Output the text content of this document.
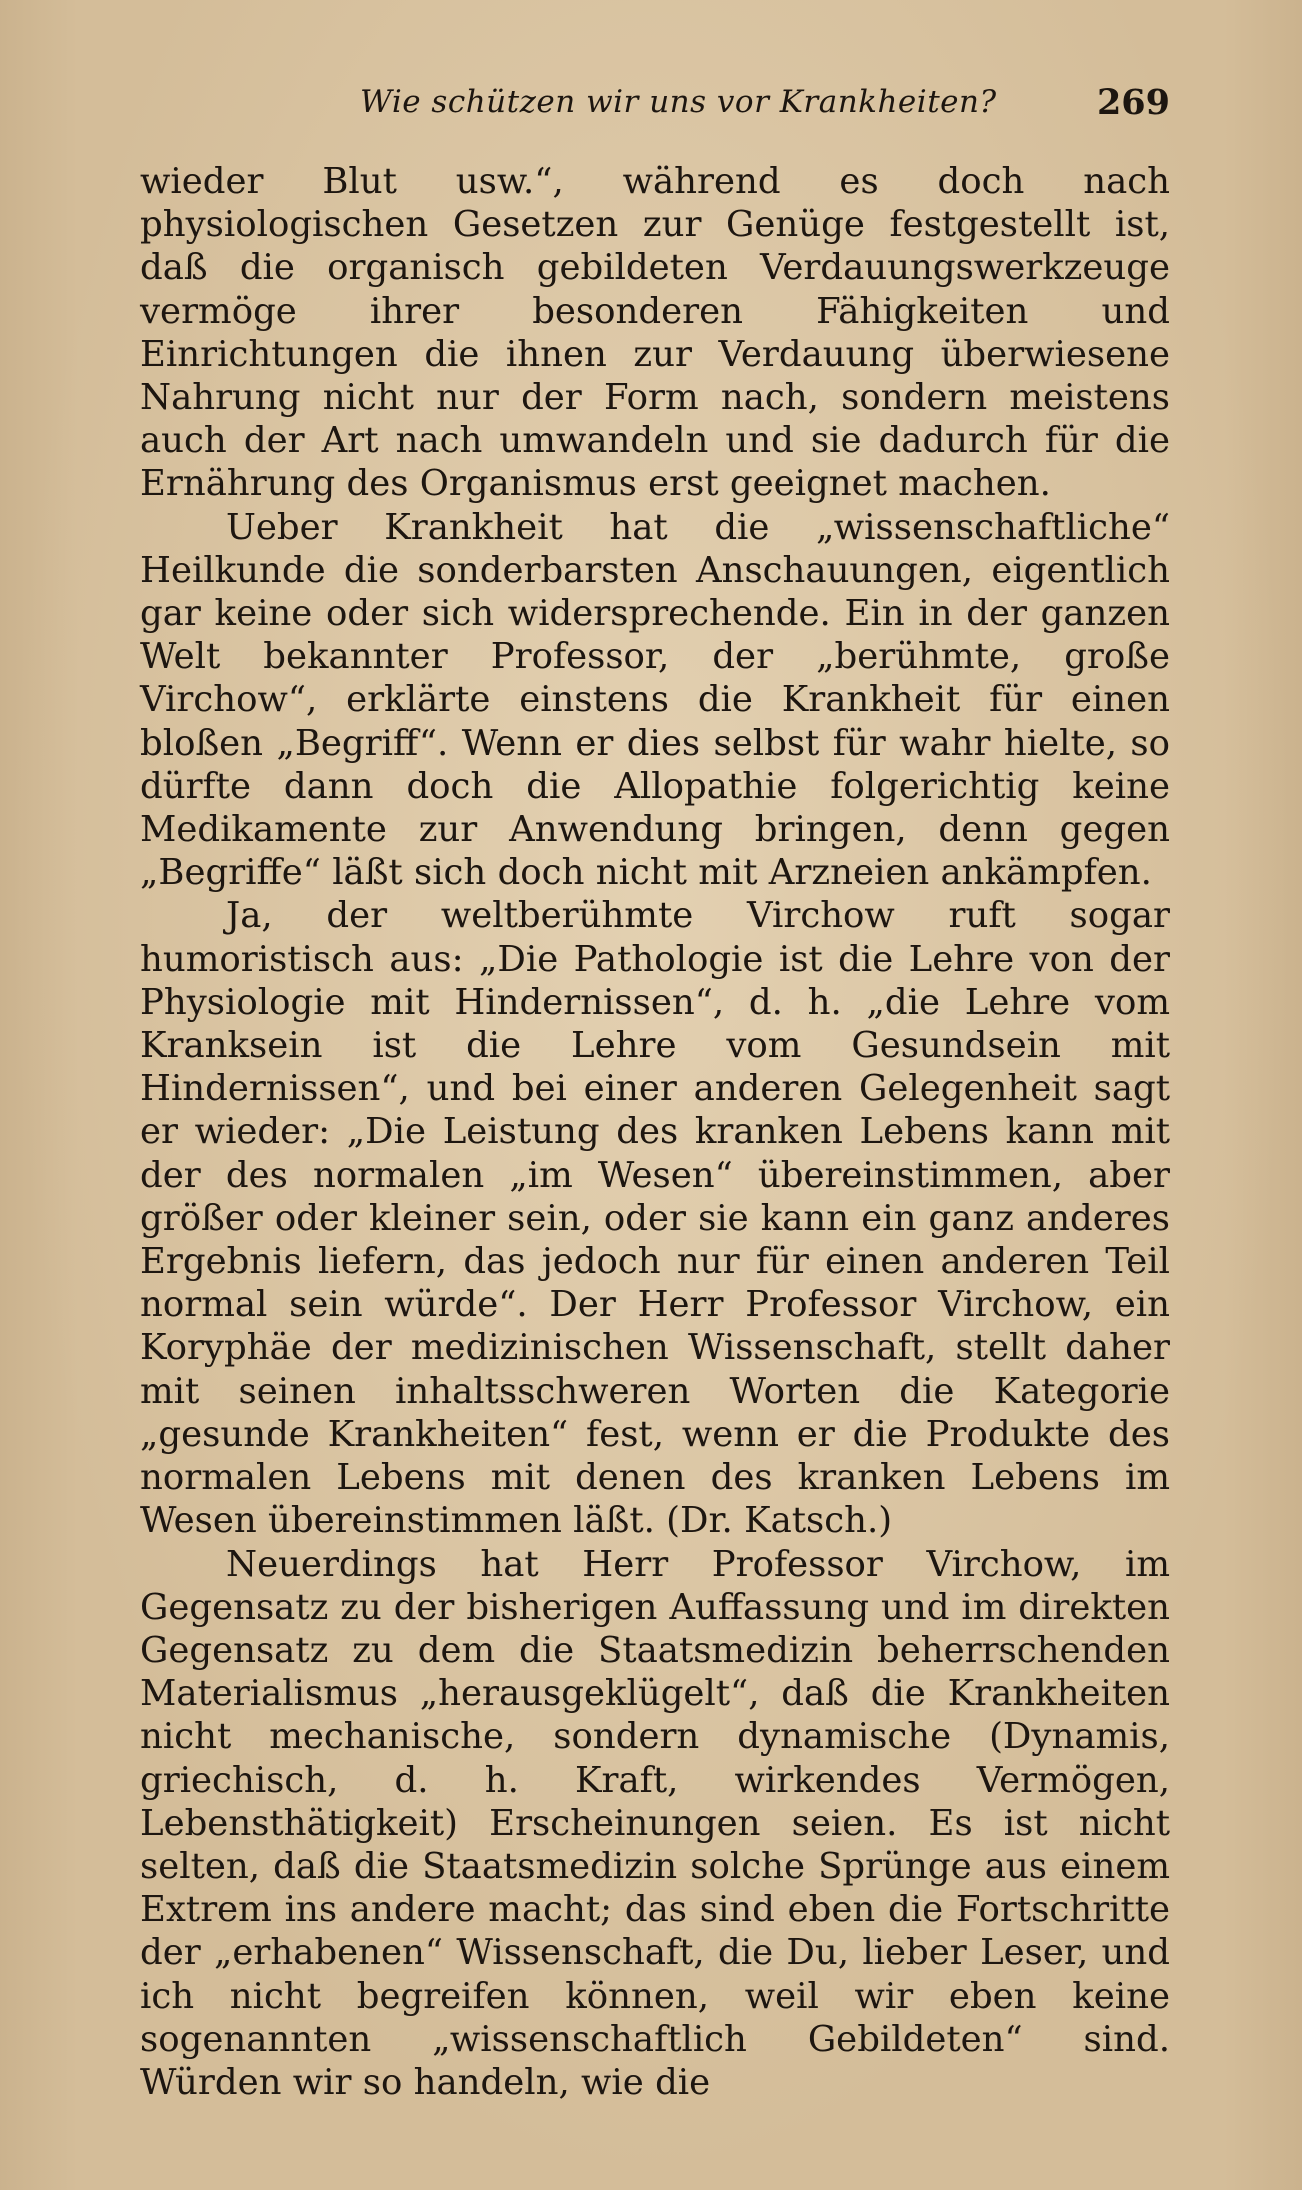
Wie schützen wir uns vor Krankheiten?	269

wieder Blut usw.“, während es doch nach physiologischen Gesetzen zur Genüge festgestellt ist, daß die organisch gebildeten Verdauungswerkzeuge vermöge ihrer besonderen Fähigkeiten und Einrichtungen die ihnen zur Verdauung überwiesene Nahrung nicht nur der Form nach, sondern meistens auch der Art nach umwandeln und sie dadurch für die Ernährung des Organismus erst geeignet machen.

Ueber Krankheit hat die „wissenschaftliche“ Heilkunde die sonderbarsten Anschauungen, eigentlich gar keine oder sich widersprechende. Ein in der ganzen Welt bekannter Professor, der „berühmte, große Virchow“, erklärte einstens die Krankheit für einen bloßen „Begriff“. Wenn er dies selbst für wahr hielte, so dürfte dann doch die Allopathie folgerichtig keine Medikamente zur Anwendung bringen, denn gegen „Begriffe“ läßt sich doch nicht mit Arzneien ankämpfen.

Ja, der weltberühmte Virchow ruft sogar humoristisch aus: „Die Pathologie ist die Lehre von der Physiologie mit Hindernissen“, d. h. „die Lehre vom Kranksein ist die Lehre vom Gesundsein mit Hindernissen“, und bei einer anderen Gelegenheit sagt er wieder: „Die Leistung des kranken Lebens kann mit der des normalen „im Wesen“ übereinstimmen, aber größer oder kleiner sein, oder sie kann ein ganz anderes Ergebnis liefern, das jedoch nur für einen anderen Teil normal sein würde“. Der Herr Professor Virchow, ein Koryphäe der medizinischen Wissenschaft, stellt daher mit seinen inhaltsschweren Worten die Kategorie „gesunde Krankheiten“ fest, wenn er die Produkte des normalen Lebens mit denen des kranken Lebens im Wesen übereinstimmen läßt. (Dr. Katsch.)

Neuerdings hat Herr Professor Virchow, im Gegensatz zu der bisherigen Auffassung und im direkten Gegensatz zu dem die Staatsmedizin beherrschenden Materialismus „herausgeklügelt“, daß die Krankheiten nicht mechanische, sondern dynamische (Dynamis, griechisch, d. h. Kraft, wirkendes Vermögen, Lebensthätigkeit) Erscheinungen seien. Es ist nicht selten, daß die Staatsmedizin solche Sprünge aus einem Extrem ins andere macht; das sind eben die Fortschritte der „erhabenen“ Wissenschaft, die Du, lieber Leser, und ich nicht begreifen können, weil wir eben keine sogenannten „wissenschaftlich Gebildeten“ sind. Würden wir so handeln, wie die
